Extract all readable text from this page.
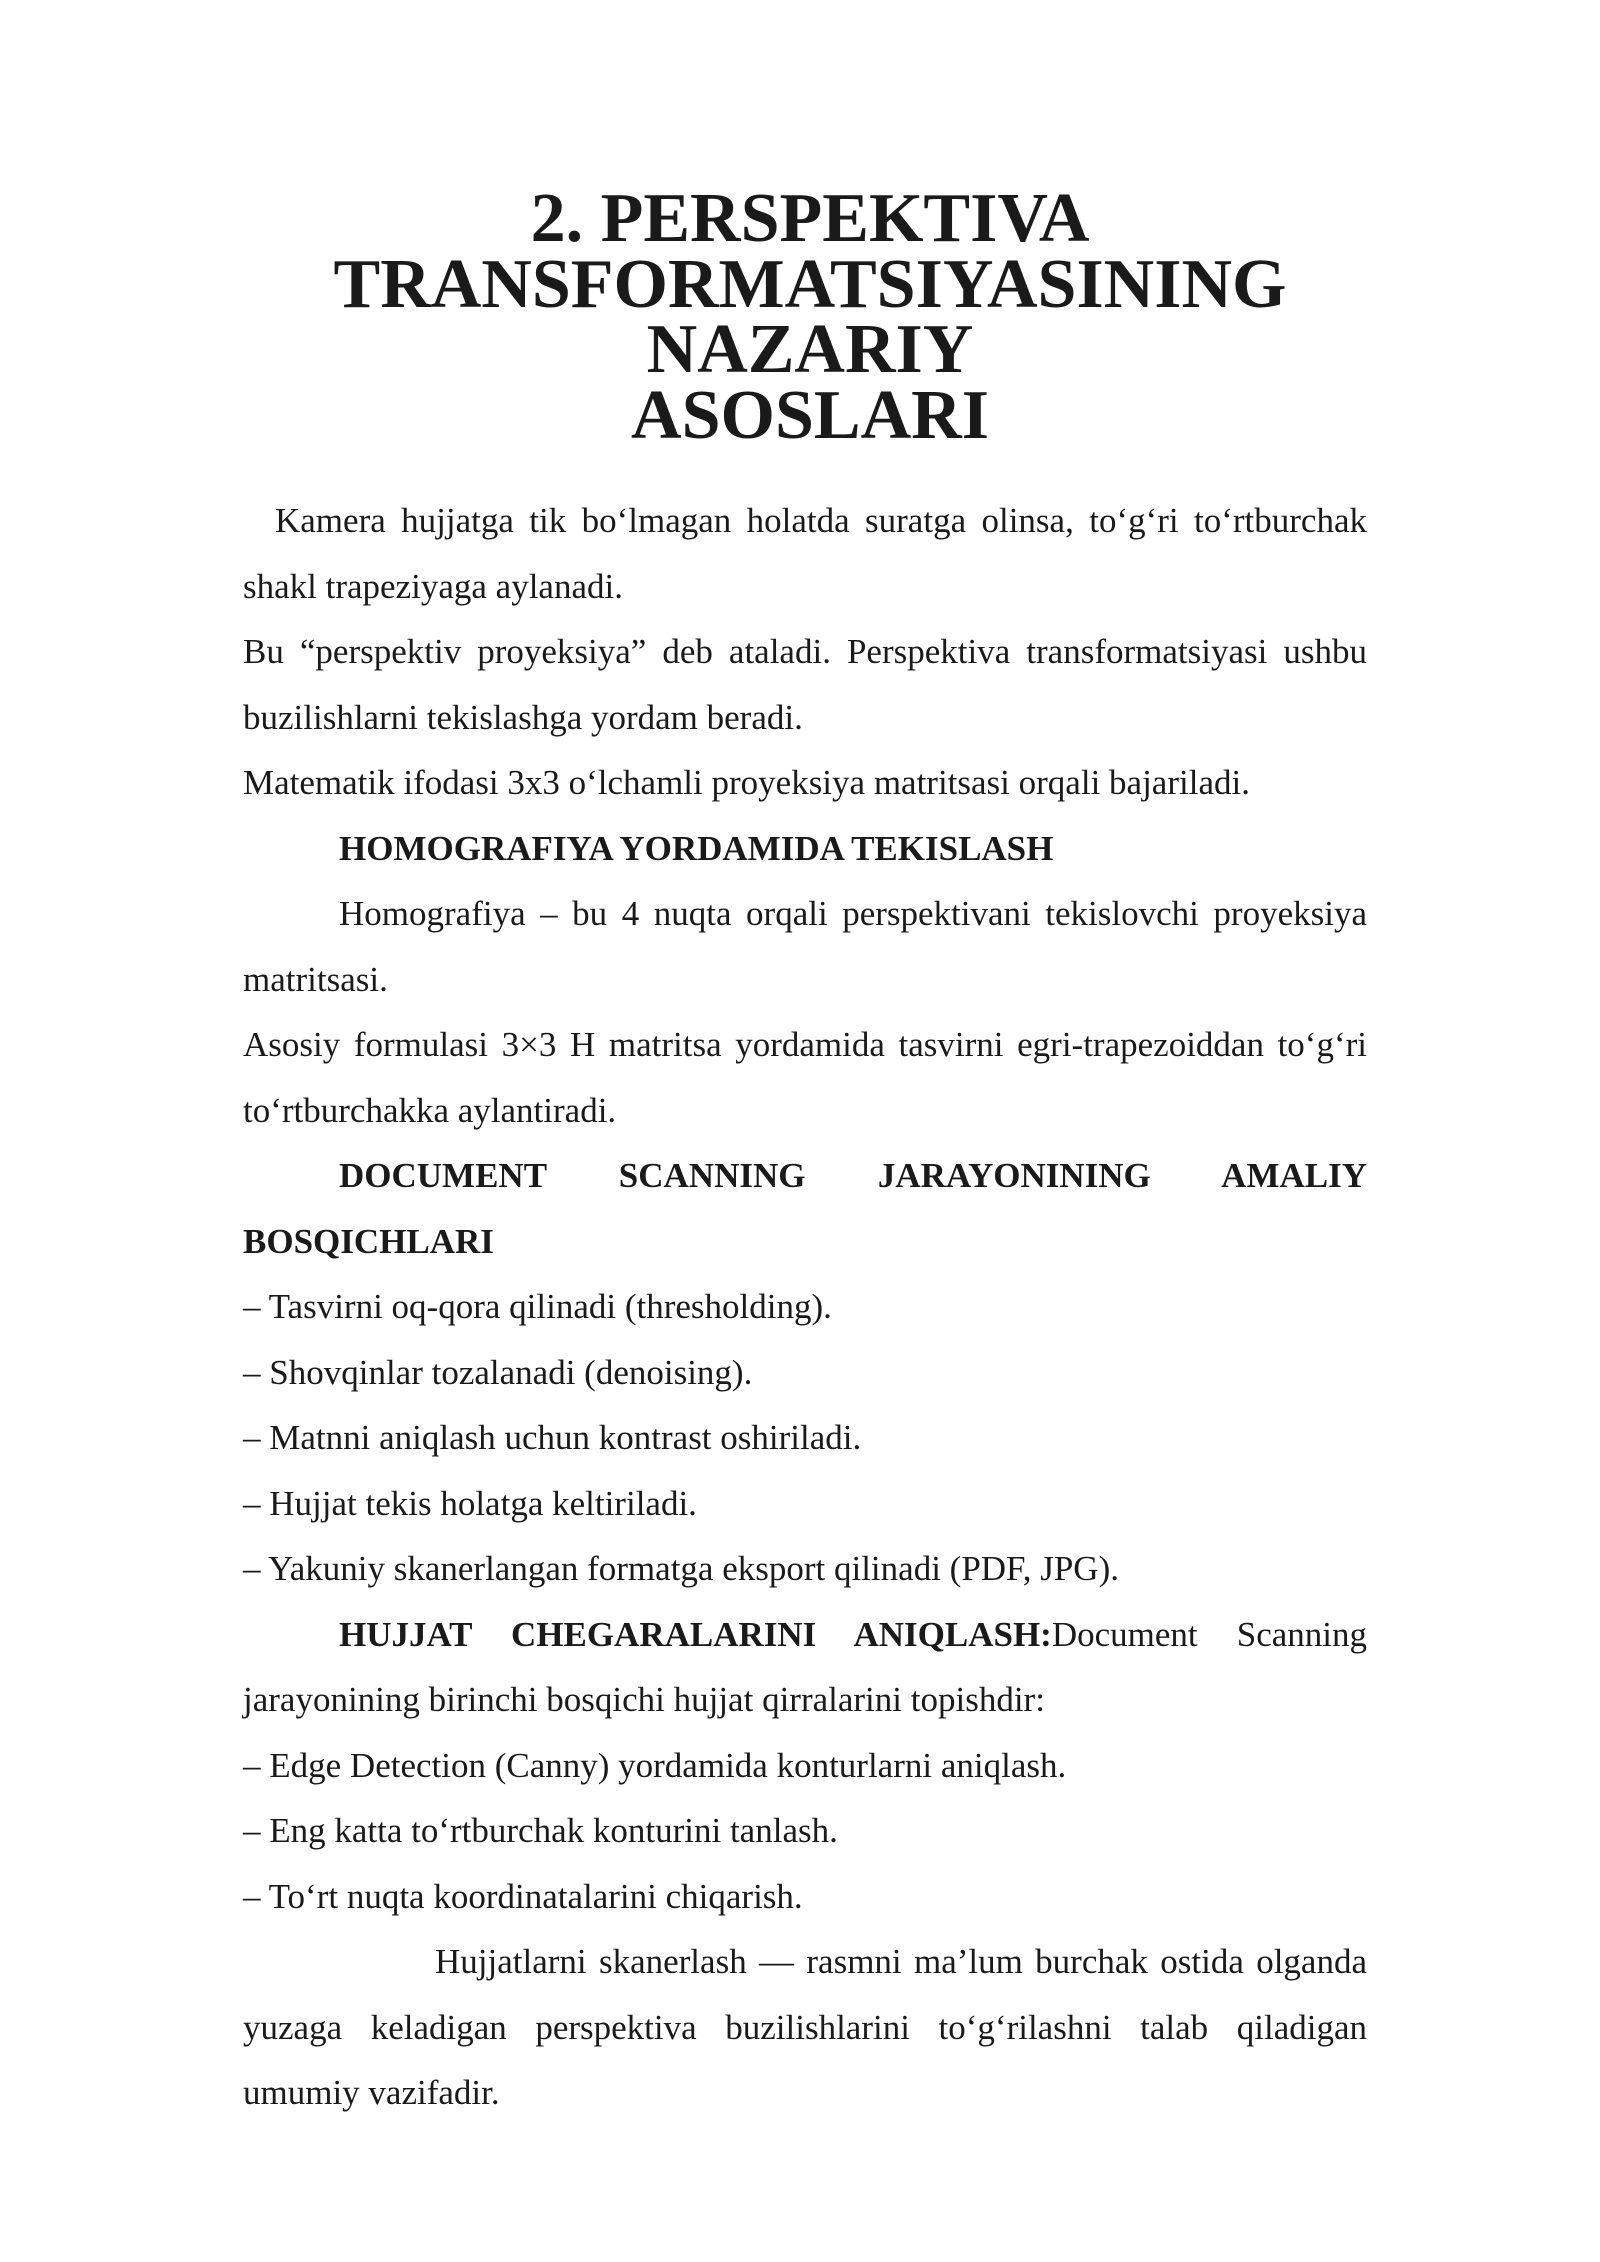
2. PERSPEKTIVA TRANSFORMATSIYASINING NAZARIY
ASOSLARI

Kamera hujjatga tik bo‘lmagan holatda suratga olinsa, to‘g‘ri to‘rtburchak shakl trapeziyaga aylanadi.

Bu “perspektiv proyeksiya” deb ataladi. Perspektiva transformatsiyasi ushbu buzilishlarni tekislashga yordam beradi.

Matematik ifodasi 3x3 o‘lchamli proyeksiya matritsasi orqali bajariladi.

HOMOGRAFIYA YORDAMIDA TEKISLASH

Homografiya – bu 4 nuqta orqali perspektivani tekislovchi proyeksiya matritsasi.

Asosiy formulasi 3×3 H matritsa yordamida tasvirni egri-trapezoiddan to‘g‘ri to‘rtburchakka aylantiradi.

DOCUMENT SCANNING JARAYONINING AMALIY

BOSQICHLARI

– Tasvirni oq-qora qilinadi (thresholding).

– Shovqinlar tozalanadi (denoising).

– Matnni aniqlash uchun kontrast oshiriladi.

– Hujjat tekis holatga keltiriladi.

– Yakuniy skanerlangan formatga eksport qilinadi (PDF, JPG).

HUJJAT CHEGARALARINI ANIQLASH:Document Scanning jarayonining birinchi bosqichi hujjat qirralarini topishdir:

– Edge Detection (Canny) yordamida konturlarni aniqlash.

– Eng katta to‘rtburchak konturini tanlash.

– To‘rt nuqta koordinatalarini chiqarish.

Hujjatlarni skanerlash — rasmni ma’lum burchak ostida olganda yuzaga keladigan perspektiva buzilishlarini to‘g‘rilashni talab qiladigan umumiy vazifadir.
